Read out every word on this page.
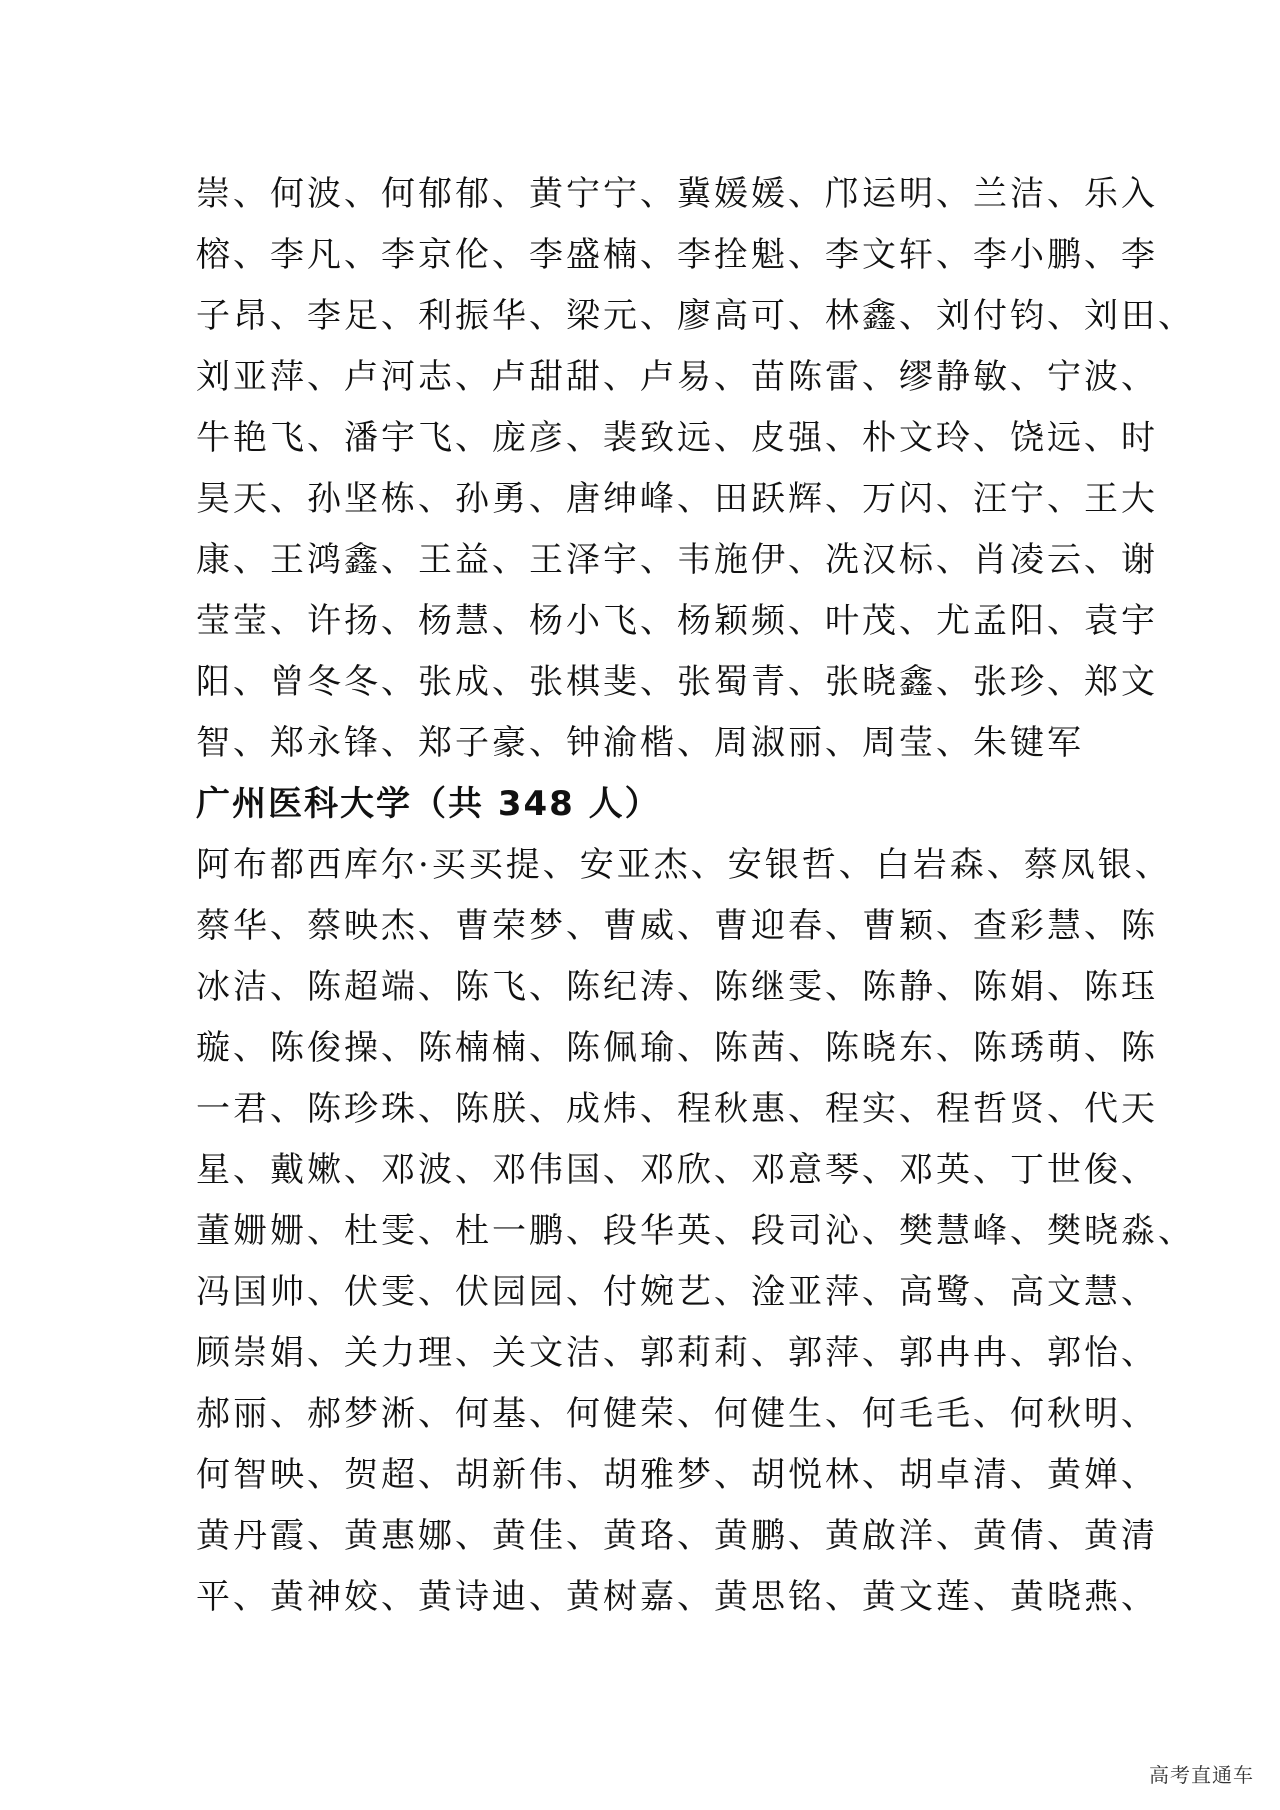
崇、何波、何郁郁、黄宁宁、冀媛媛、邝运明、兰洁、乐入
榕、李凡、李京伦、李盛楠、李拴魁、李文轩、李小鹏、李
子昂、李足、利振华、梁元、廖高可、林鑫、刘付钧、刘田、
刘亚萍、卢河志、卢甜甜、卢易、苗陈雷、缪静敏、宁波、
牛艳飞、潘宇飞、庞彦、裴致远、皮强、朴文玲、饶远、时
昊天、孙坚栋、孙勇、唐绅峰、田跃辉、万闪、汪宁、王大
康、王鸿鑫、王益、王泽宇、韦施伊、冼汉标、肖凌云、谢
莹莹、许扬、杨慧、杨小飞、杨颖频、叶茂、尤孟阳、袁宇
阳、曾冬冬、张成、张棋斐、张蜀青、张晓鑫、张珍、郑文
智、郑永锋、郑子豪、钟渝楷、周淑丽、周莹、朱键军
广州医科大学（共 348 人）
阿布都西库尔·买买提、安亚杰、安银哲、白岩森、蔡凤银、
蔡华、蔡映杰、曹荣梦、曹威、曹迎春、曹颖、查彩慧、陈
冰洁、陈超端、陈飞、陈纪涛、陈继雯、陈静、陈娟、陈珏
璇、陈俊操、陈楠楠、陈佩瑜、陈茜、陈晓东、陈琇萌、陈
一君、陈珍珠、陈朕、成炜、程秋惠、程实、程哲贤、代天
星、戴嫰、邓波、邓伟国、邓欣、邓意琴、邓英、丁世俊、
董姗姗、杜雯、杜一鹏、段华英、段司沁、樊慧峰、樊晓淼、
冯国帅、伏雯、伏园园、付婉艺、淦亚萍、高鹭、高文慧、
顾崇娟、关力理、关文洁、郭莉莉、郭萍、郭冉冉、郭怡、
郝丽、郝梦淅、何基、何健荣、何健生、何毛毛、何秋明、
何智映、贺超、胡新伟、胡雅梦、胡悦林、胡卓清、黄婵、
黄丹霞、黄惠娜、黄佳、黄珞、黄鹏、黄啟洋、黄倩、黄清
平、黄神姣、黄诗迪、黄树嘉、黄思铭、黄文莲、黄晓燕、
高考直通车
